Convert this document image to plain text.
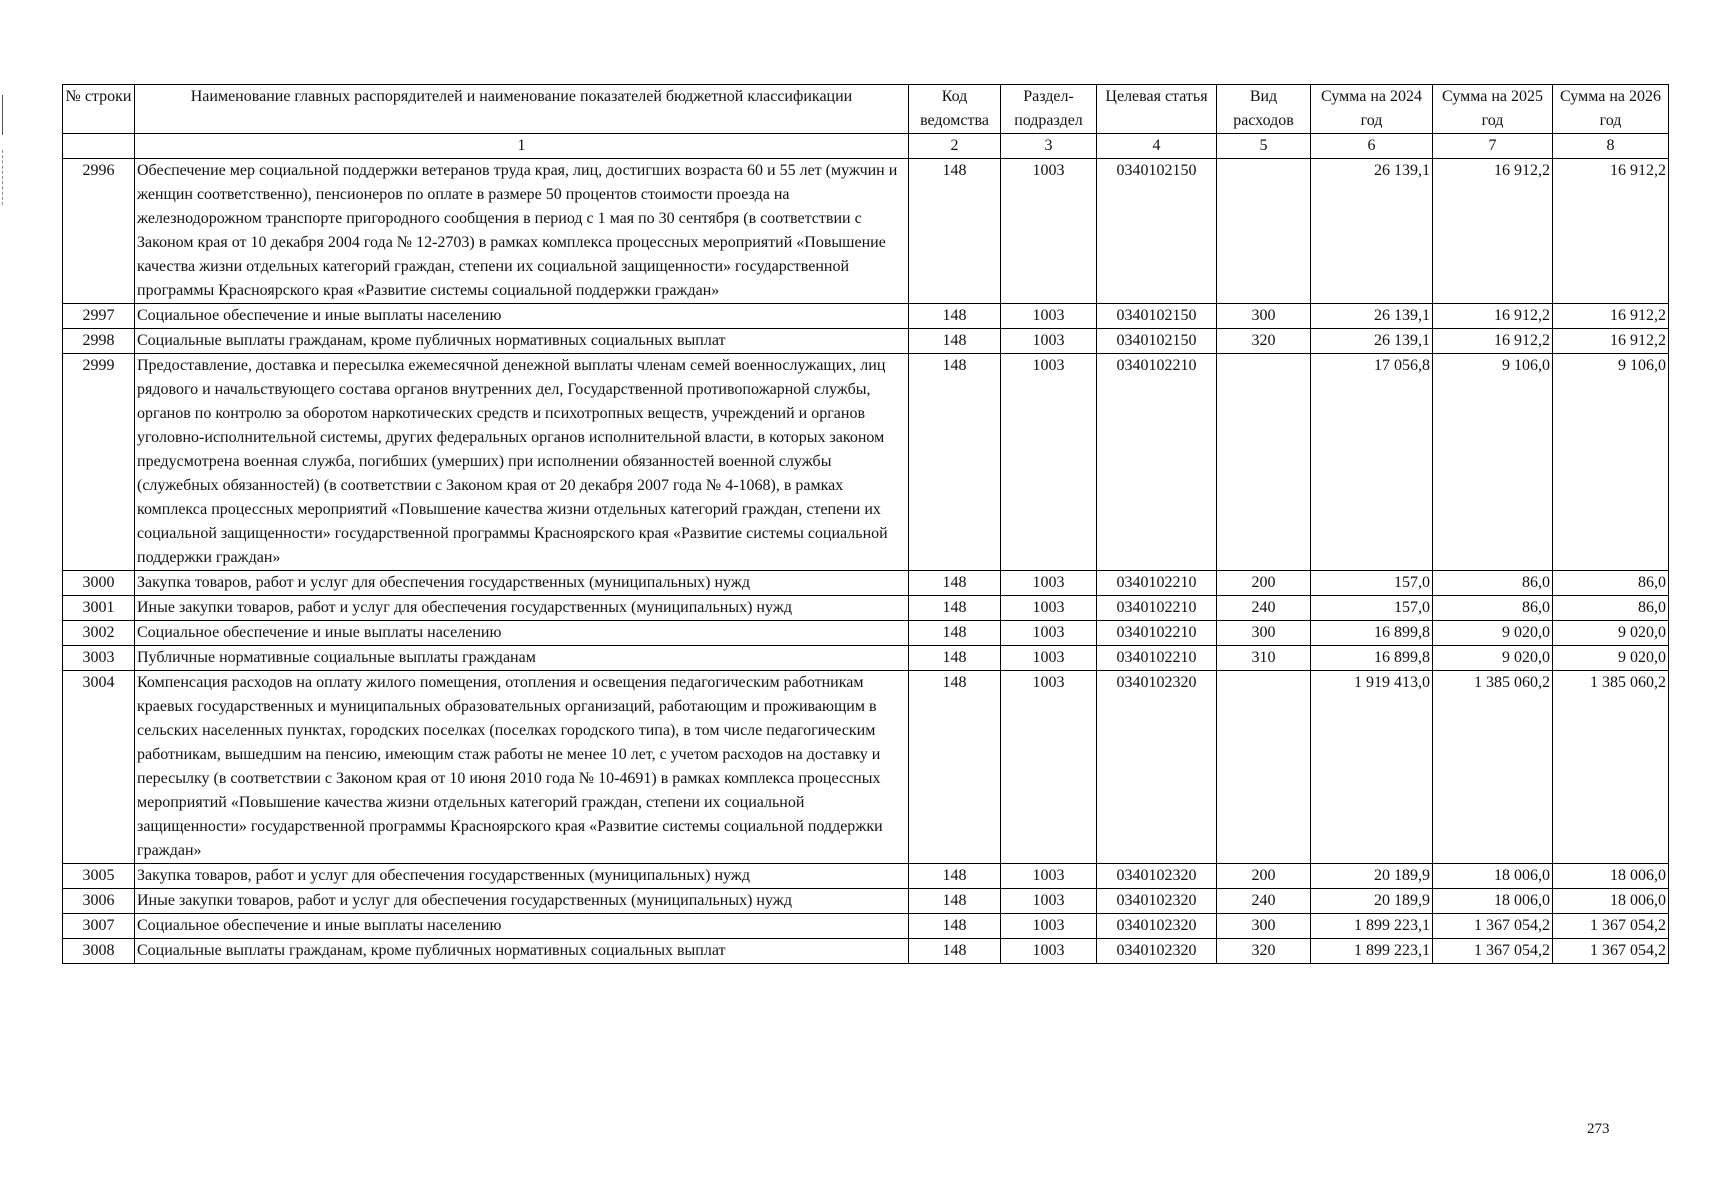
№ строки	Наименование главных распорядителей и наименование показателей бюджетной классификации	Код ведомства	Раздел- подраздел	Целевая статья	Вид расходов	Сумма на 2024 год	Сумма на 2025 год	Сумма на 2026 год
	1	2	3	4	5	6	7	8
2996	Обеспечение мер социальной поддержки ветеранов труда края, лиц, достигших возраста 60 и 55 лет (мужчин и женщин соответственно), пенсионеров по оплате в размере 50 процентов стоимости проезда на железнодорожном транспорте пригородного сообщения в период с 1 мая по 30 сентября (в соответствии с Законом края от 10 декабря 2004 года № 12-2703) в рамках комплекса процессных мероприятий «Повышение качества жизни отдельных категорий граждан, степени их социальной защищенности» государственной программы Красноярского края «Развитие системы социальной поддержки граждан»	148	1003	0340102150		26 139,1	16 912,2	16 912,2
2997	Социальное обеспечение и иные выплаты населению	148	1003	0340102150	300	26 139,1	16 912,2	16 912,2
2998	Социальные выплаты гражданам, кроме публичных нормативных социальных выплат	148	1003	0340102150	320	26 139,1	16 912,2	16 912,2
2999	Предоставление, доставка и пересылка ежемесячной денежной выплаты членам семей военнослужащих, лиц рядового и начальствующего состава органов внутренних дел, Государственной противопожарной службы, органов по контролю за оборотом наркотических средств и психотропных веществ, учреждений и органов уголовно-исполнительной системы, других федеральных органов исполнительной власти, в которых законом предусмотрена военная служба, погибших (умерших) при исполнении обязанностей военной службы (служебных обязанностей) (в соответствии с Законом края от 20 декабря 2007 года № 4-1068), в рамках комплекса процессных мероприятий «Повышение качества жизни отдельных категорий граждан, степени их социальной защищенности» государственной программы Красноярского края «Развитие системы социальной поддержки граждан»	148	1003	0340102210		17 056,8	9 106,0	9 106,0
3000	Закупка товаров, работ и услуг для обеспечения государственных (муниципальных) нужд	148	1003	0340102210	200	157,0	86,0	86,0
3001	Иные закупки товаров, работ и услуг для обеспечения государственных (муниципальных) нужд	148	1003	0340102210	240	157,0	86,0	86,0
3002	Социальное обеспечение и иные выплаты населению	148	1003	0340102210	300	16 899,8	9 020,0	9 020,0
3003	Публичные нормативные социальные выплаты гражданам	148	1003	0340102210	310	16 899,8	9 020,0	9 020,0
3004	Компенсация расходов на оплату жилого помещения, отопления и освещения педагогическим работникам краевых государственных и муниципальных образовательных организаций, работающим и проживающим в сельских населенных пунктах, городских поселках (поселках городского типа), в том числе педагогическим работникам, вышедшим на пенсию, имеющим стаж работы не менее 10 лет, с учетом расходов на доставку и пересылку (в соответствии с Законом края от 10 июня 2010 года № 10-4691) в рамках комплекса процессных мероприятий «Повышение качества жизни отдельных категорий граждан, степени их социальной защищенности» государственной программы Красноярского края «Развитие системы социальной поддержки граждан»	148	1003	0340102320		1 919 413,0	1 385 060,2	1 385 060,2
3005	Закупка товаров, работ и услуг для обеспечения государственных (муниципальных) нужд	148	1003	0340102320	200	20 189,9	18 006,0	18 006,0
3006	Иные закупки товаров, работ и услуг для обеспечения государственных (муниципальных) нужд	148	1003	0340102320	240	20 189,9	18 006,0	18 006,0
3007	Социальное обеспечение и иные выплаты населению	148	1003	0340102320	300	1 899 223,1	1 367 054,2	1 367 054,2
3008	Социальные выплаты гражданам, кроме публичных нормативных социальных выплат	148	1003	0340102320	320	1 899 223,1	1 367 054,2	1 367 054,2
273
